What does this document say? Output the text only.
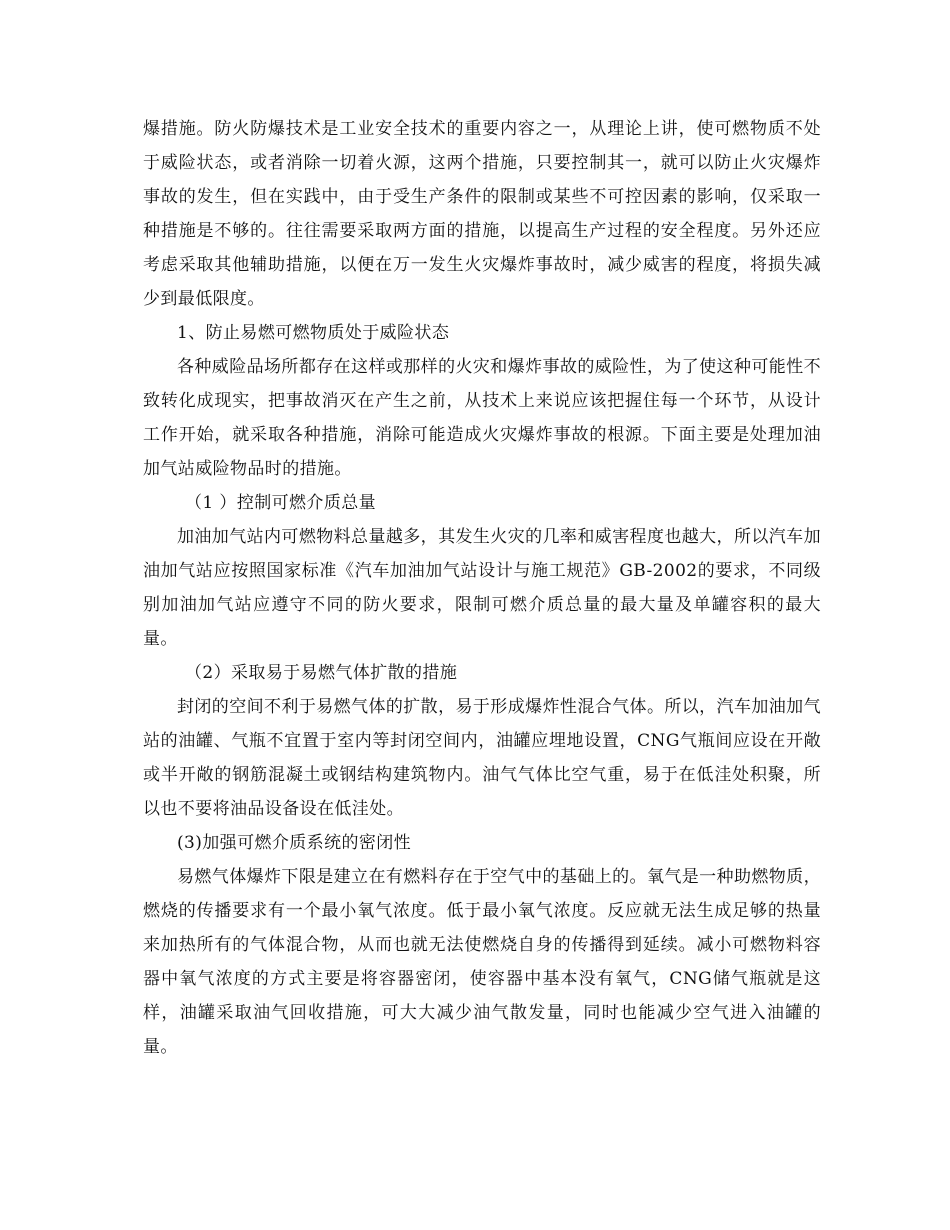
爆措施。防火防爆技术是工业安全技术的重要内容之一，从理论上讲，使可燃物质不处于威险状态，或者消除一切着火源，这两个措施，只要控制其一，就可以防止火灾爆炸事故的发生，但在实践中，由于受生产条件的限制或某些不可控因素的影响，仅采取一种措施是不够的。往往需要采取两方面的措施，以提高生产过程的安全程度。另外还应考虑采取其他辅助措施，以便在万一发生火灾爆炸事故时，减少威害的程度，将损失减少到最低限度。

1、防止易燃可燃物质处于威险状态

各种威险品场所都存在这样或那样的火灾和爆炸事故的威险性，为了使这种可能性不致转化成现实，把事故消灭在产生之前，从技术上来说应该把握住每一个环节，从设计工作开始，就采取各种措施，消除可能造成火灾爆炸事故的根源。下面主要是处理加油加气站威险物品时的措施。

（1 ）控制可燃介质总量

加油加气站内可燃物料总量越多，其发生火灾的几率和威害程度也越大，所以汽车加油加气站应按照国家标准《汽车加油加气站设计与施工规范》GB-2002的要求，不同级别加油加气站应遵守不同的防火要求，限制可燃介质总量的最大量及单罐容积的最大量。

（2）采取易于易燃气体扩散的措施

封闭的空间不利于易燃气体的扩散，易于形成爆炸性混合气体。所以，汽车加油加气站的油罐、气瓶不宜置于室内等封闭空间内，油罐应埋地设置，CNG气瓶间应设在开敞或半开敞的钢筋混凝土或钢结构建筑物内。油气气体比空气重，易于在低洼处积聚，所以也不要将油品设备设在低洼处。

(3)加强可燃介质系统的密闭性

易燃气体爆炸下限是建立在有燃料存在于空气中的基础上的。氧气是一种助燃物质，燃烧的传播要求有一个最小氧气浓度。低于最小氧气浓度。反应就无法生成足够的热量来加热所有的气体混合物，从而也就无法使燃烧自身的传播得到延续。减小可燃物料容器中氧气浓度的方式主要是将容器密闭，使容器中基本没有氧气，CNG储气瓶就是这样，油罐采取油气回收措施，可大大减少油气散发量，同时也能减少空气进入油罐的量。
